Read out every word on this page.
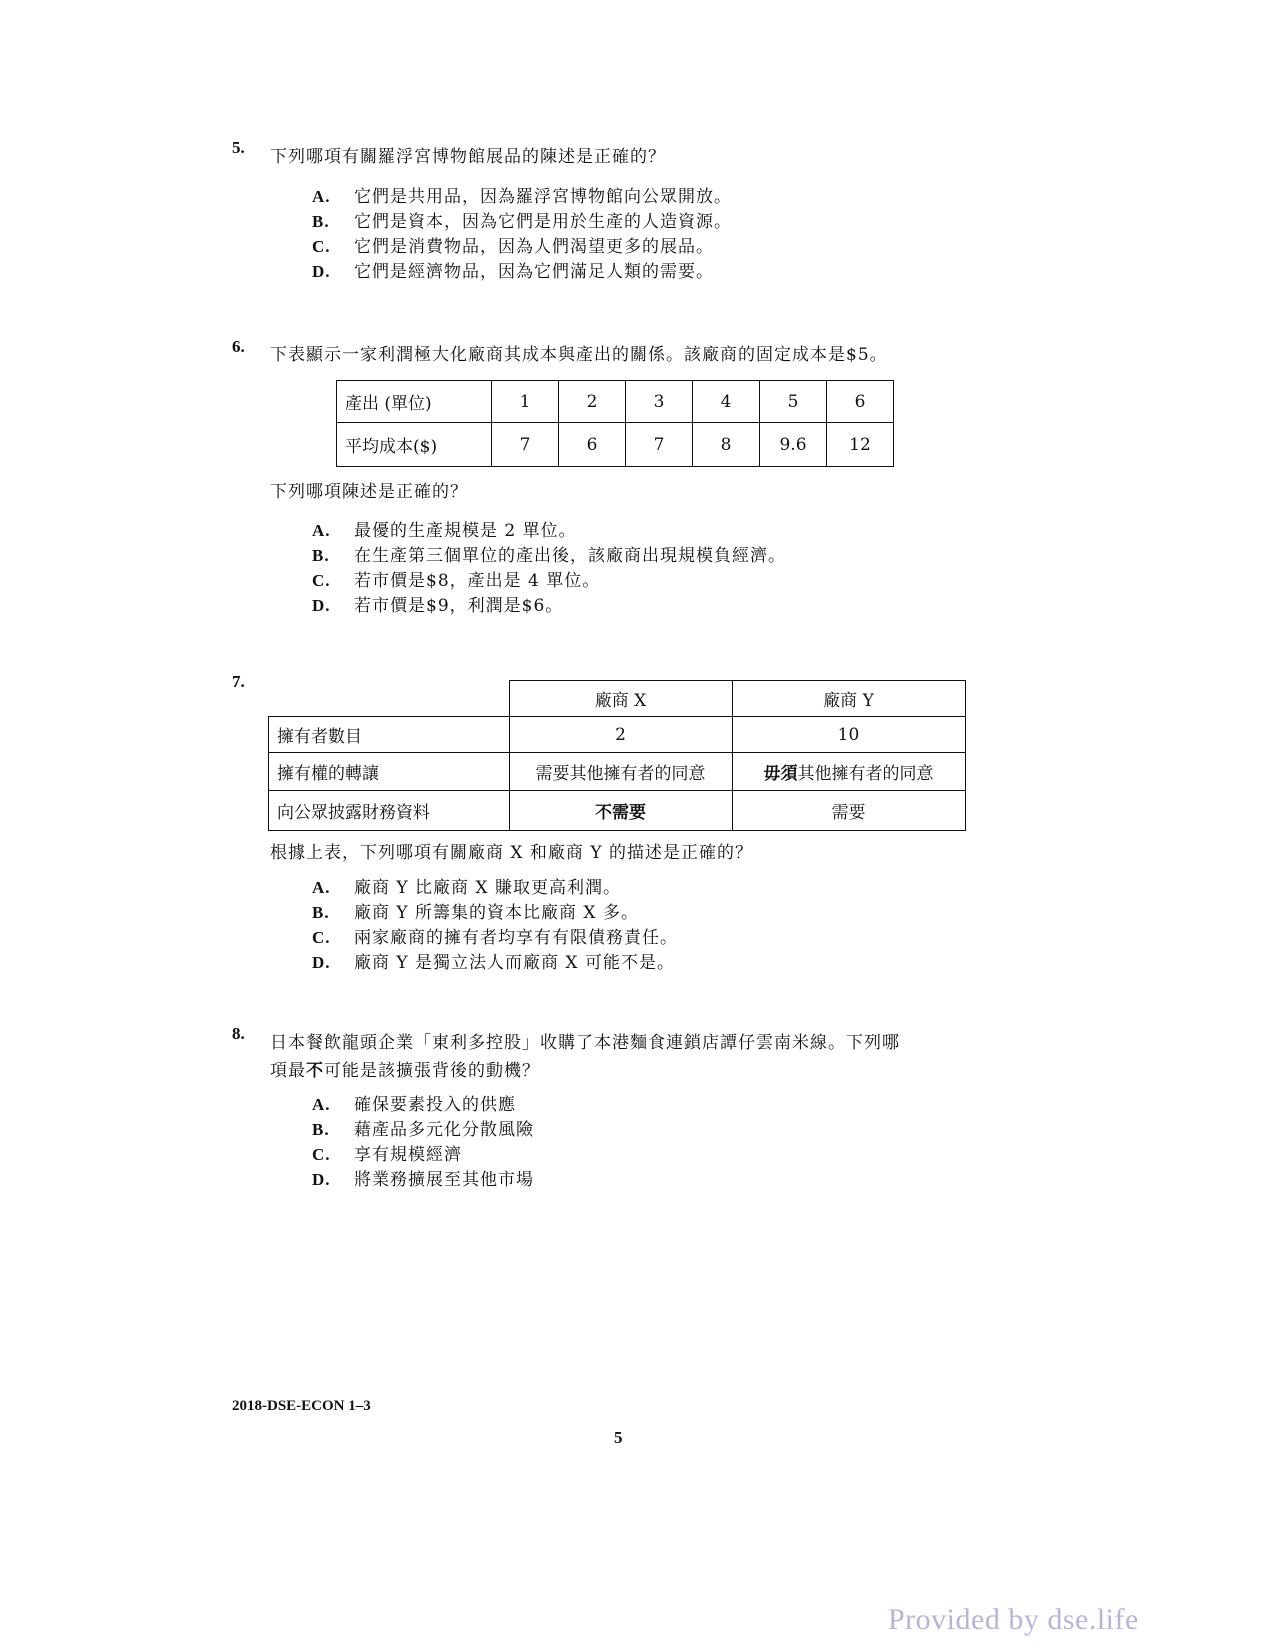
5. 下列哪項有關羅浮宮博物館展品的陳述是正確的？
A. 它們是共用品，因為羅浮宮博物館向公眾開放。
B. 它們是資本，因為它們是用於生產的人造資源。
C. 它們是消費物品，因為人們渴望更多的展品。
D. 它們是經濟物品，因為它們滿足人類的需要。
6. 下表顯示一家利潤極大化廠商其成本與產出的關係。該廠商的固定成本是$5。
產出 (單位)	1	2	3	4	5	6
平均成本($)	7	6	7	8	9.6	12
下列哪項陳述是正確的？
A. 最優的生產規模是 2 單位。
B. 在生產第三個單位的產出後，該廠商出現規模負經濟。
C. 若市價是$8，產出是 4 單位。
D. 若市價是$9，利潤是$6。
7.
	廠商 X	廠商 Y
擁有者數目	2	10
擁有權的轉讓	需要其他擁有者的同意	毋須其他擁有者的同意
向公眾披露財務資料	不需要	需要
根據上表，下列哪項有關廠商 X 和廠商 Y 的描述是正確的？
A. 廠商 Y 比廠商 X 賺取更高利潤。
B. 廠商 Y 所籌集的資本比廠商 X 多。
C. 兩家廠商的擁有者均享有有限債務責任。
D. 廠商 Y 是獨立法人而廠商 X 可能不是。
8. 日本餐飲龍頭企業「東利多控股」收購了本港麵食連鎖店譚仔雲南米線。下列哪
項最不可能是該擴張背後的動機？
A. 確保要素投入的供應
B. 藉產品多元化分散風險
C. 享有規模經濟
D. 將業務擴展至其他市場
2018-DSE-ECON 1–3
5
Provided by dse.life
